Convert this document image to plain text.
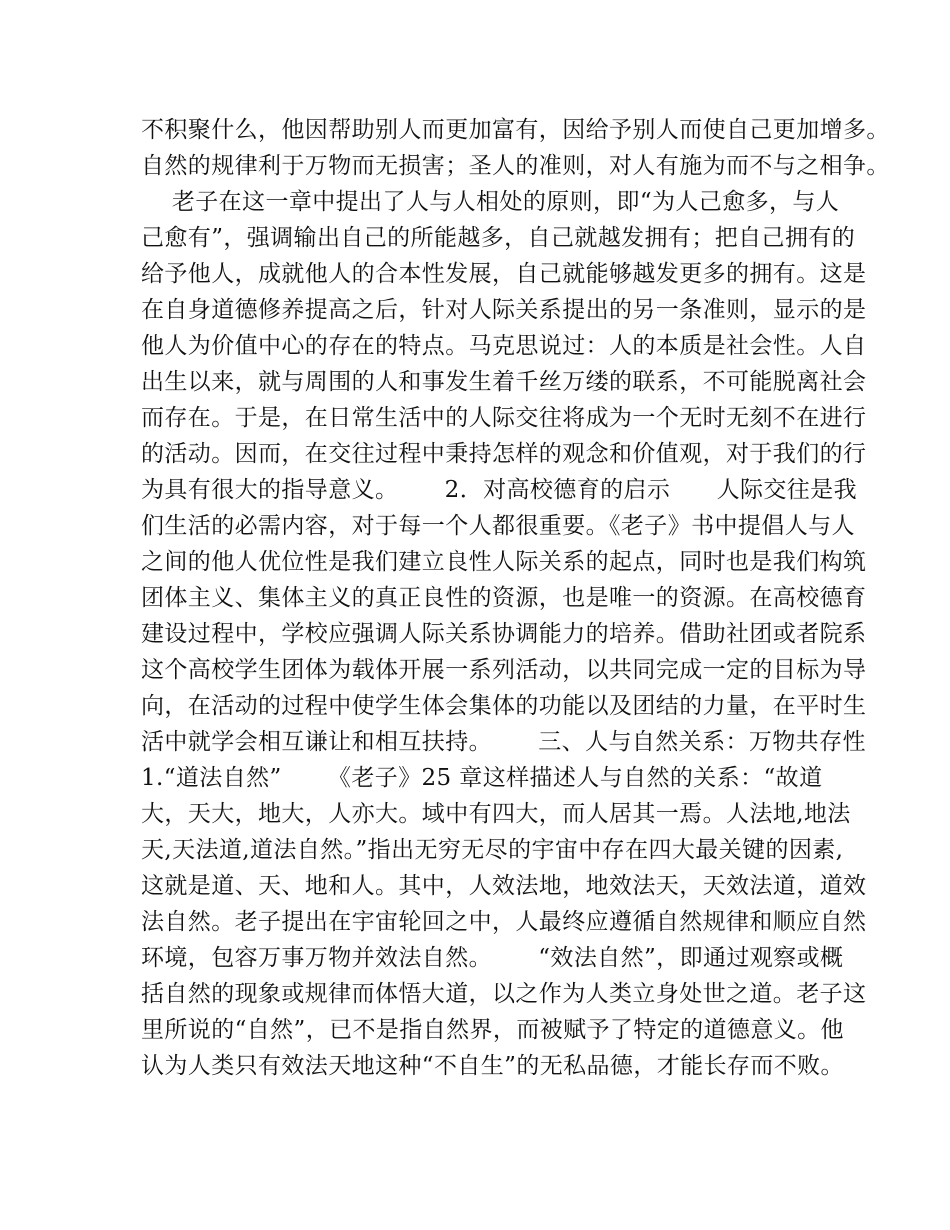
不积聚什么，他因帮助别人而更加富有，因给予别人而使自己更加增多。
自然的规律利于万物而无损害；圣人的准则，对人有施为而不与之相争。
老子在这一章中提出了人与人相处的原则，即“为人己愈多，与人
己愈有”，强调输出自己的所能越多，自己就越发拥有；把自己拥有的
给予他人，成就他人的合本性发展，自己就能够越发更多的拥有。这是
在自身道德修养提高之后，针对人际关系提出的另一条准则，显示的是
他人为价值中心的存在的特点。马克思说过：人的本质是社会性。人自
出生以来，就与周围的人和事发生着千丝万缕的联系，不可能脱离社会
而存在。于是，在日常生活中的人际交往将成为一个无时无刻不在进行
的活动。因而，在交往过程中秉持怎样的观念和价值观，对于我们的行
为具有很大的指导意义。      2．对高校德育的启示      人际交往是我
们生活的必需内容，对于每一个人都很重要。《老子》书中提倡人与人
之间的他人优位性是我们建立良性人际关系的起点，同时也是我们构筑
团体主义、集体主义的真正良性的资源，也是唯一的资源。在高校德育
建设过程中，学校应强调人际关系协调能力的培养。借助社团或者院系
这个高校学生团体为载体开展一系列活动，以共同完成一定的目标为导
向，在活动的过程中使学生体会集体的功能以及团结的力量，在平时生
活中就学会相互谦让和相互扶持。      三、人与自然关系：万物共存性
1.“道法自然”      《老子》25 章这样描述人与自然的关系：“故道
大，天大，地大，人亦大。域中有四大，而人居其一焉。人法地,地法
天,天法道,道法自然。”指出无穷无尽的宇宙中存在四大最关键的因素,
这就是道、天、地和人。其中，人效法地，地效法天，天效法道，道效
法自然。老子提出在宇宙轮回之中，人最终应遵循自然规律和顺应自然
环境，包容万事万物并效法自然。      “效法自然”，即通过观察或概
括自然的现象或规律而体悟大道，以之作为人类立身处世之道。老子这
里所说的“自然”，已不是指自然界，而被赋予了特定的道德意义。他
认为人类只有效法天地这种“不自生”的无私品德，才能长存而不败。
